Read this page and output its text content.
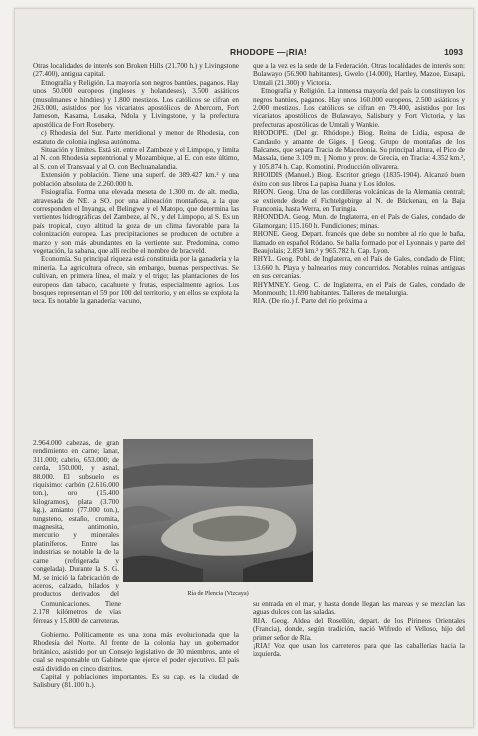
RHODOPE —¡RIA!	1093

Otras localidades de interés son Broken Hills (21.700 h.) y Livingstone (27.400), antigua capital.

Etnografía y Religión. La mayoría son negros bantúes, paganos. Hay unos 50.000 europeos (ingleses y holandeses), 3.500 asiáticos (musulmanes e hindúes) y 1.800 mestizos. Los católicos se cifran en 263.000, asistidos por los vicariatos apostólicos de Abercorn, Fort Jameson, Kasama, Lusaka, Ndola y Livingstone, y la prefectura apostólica de Fort Rosebery.

c) Rhodesia del Sur. Parte meridional y menor de Rhodesia, con estatuto de colonia inglesa autónoma.

Situación y límites. Está sit. entre el Zambeze y el Limpopo, y limita al N. con Rhodesia septentrional y Mozambique, al E. con este último, al S. con el Transvaal y al O. con Bechuanalandia.

Extensión y población. Tiene una superf. de 389.427 km.² y una población absoluta de 2.260.000 h.

Fisiografía. Forma una elevada meseta de 1.300 m. de alt. media, atravesada de NE. a SO. por una alineación montañosa, a la que corresponden el Inyanga, el Belingwe y el Matopo, que determina las vertientes hidrográficas del Zambeze, al N., y del Limpopo, al S. Es un país tropical, cuyo altitud la goza de un clima favorable para la colonización europea. Las precipitaciones se producen de octubre a marzo y son más abundantes en la vertiente sur. Predomina, como vegetación, la sabana, que allí recibe el nombre de bracveld.

Economía. Su principal riqueza está constituida por la ganadería y la minería. La agricultura ofrece, sin embargo, buenas perspectivas. Se cultivan, en primera línea, el maíz y el trigo; las plantaciones de los europeos dan tabaco, cacahuete y frutas, especialmente agrios. Los bosques representan el 59 por 100 del territorio, y en ellos se explota la teca. Es notable la ganadería: vacuno,

2.964.000 cabezas, de gran rendimiento en carne; lanar, 311.000; cabrío, 653.000; de cerda, 150.000, y asnal, 88.000. El subsuelo es riquísimo: carbón (2.616.000 ton.), oro (15.400 kilogramos), plata (3.700 kg.), amianto (77.000 ton.), tungsteno, estaño, cromita, magnesita, antimonio, mercurio y minerales platiníferos. Entre las industrias se notable la de la carne (refrigerada y congelada). Durante la S. G. M. se inició la fabricación de aceros, calzado, hilados y productos derivados del	Ría de Plencia (Vizcaya)

que a la vez es la sede de la Federación. Otras localidades de interés son: Bulawayo (56.900 habitantes), Gwelo (14.000), Hartley, Mazoe, Eusapi, Umtali (21.300) y Victoria.

Etnografía y Religión. La inmensa mayoría del país la constituyen los negros bantúes, paganos. Hay unos 160.000 europeos, 2.500 asiáticos y 2.000 mestizos. Los católicos se cifran en 79.400, asistidos por los vicariatos apostólicos de Bulawayo, Salisbury y Fort Victoria, y las prefecturas apostólicas de Umtali y Wankie.

RHODOPE. (Del gr. Rhódope.) Biog. Reina de Lidia, esposa de Candaulo y amante de Giges. || Geog. Grupo de montañas de los Balcanes, que separa Tracia de Macedonia. Su principal altura, el Pico de Massala, tiene 3.109 m. || Nomo y prov. de Grecia, en Tracia: 4.352 km.², y 105.874 h. Cap. Komotini. Producción olivarera.

RHOIDIS (Manuel.) Biog. Escritor griego (1835-1904). Alcanzó buen éxito con sus libros La papisa Juana y Los ídolos.

RHON. Geog. Una de las cordilleras volcánicas de la Alemania central; se extiende desde el Fichtelgebirge al N. de Bückenau, en la Baja Franconia, hasta Werra, en Turingia.

RHONDDA. Geog. Mun. de Inglaterra, en el País de Gales, condado de Glamorgan; 115.160 h. Fundiciones; minas.

RHONE. Geog. Depart. francés que debe su nombre al río que le baña, llamado en español Ródano. Se halla formado por el Lyonnais y parte del Beaujolais; 2.859 km.² y 965.782 h. Cap. Lyon.

RHYL. Geog. Pobl. de Inglaterra, en el País de Gales, condado de Flint; 13.660 h. Playa y balnearios muy concurridos. Notables ruinas antiguas en sus cercanías.

RHYMNEY. Geog. C. de Inglaterra, en el País de Gales, condado de Monmouth; 11.690 habitantes. Talleres de metalurgia.

RIA. (De río.) f. Parte del río próxima a

Comunicaciones. Tiene 2.178 kilómetros de vías férreas y 15.800 de carreteras.

Gobierno. Políticamente es una zona más evolucionada que la Rhodesia del Norte. Al frente de la colonia hay un gobernador británico, asistido por un Consejo legislativo de 30 miembros, ante el cual se responsable un Gabinete que ejerce el poder ejecutivo. El país está dividido en cinco distritos.

Capital y poblaciones importantes. Es su cap. es la ciudad de Salisbury (81.100 h.).

su entrada en el mar, y hasta donde llegan las mareas y se mezclan las aguas dulces con las saladas.

RIA. Geog. Aldea del Rosellón, depart. de los Pirineos Orientales (Francia), donde, según tradición, nació Wifredo el Velloso, hijo del primer señor de Ría.

¡RIA! Voz que usan los carreteros para que las caballerías hacia la izquierda.
